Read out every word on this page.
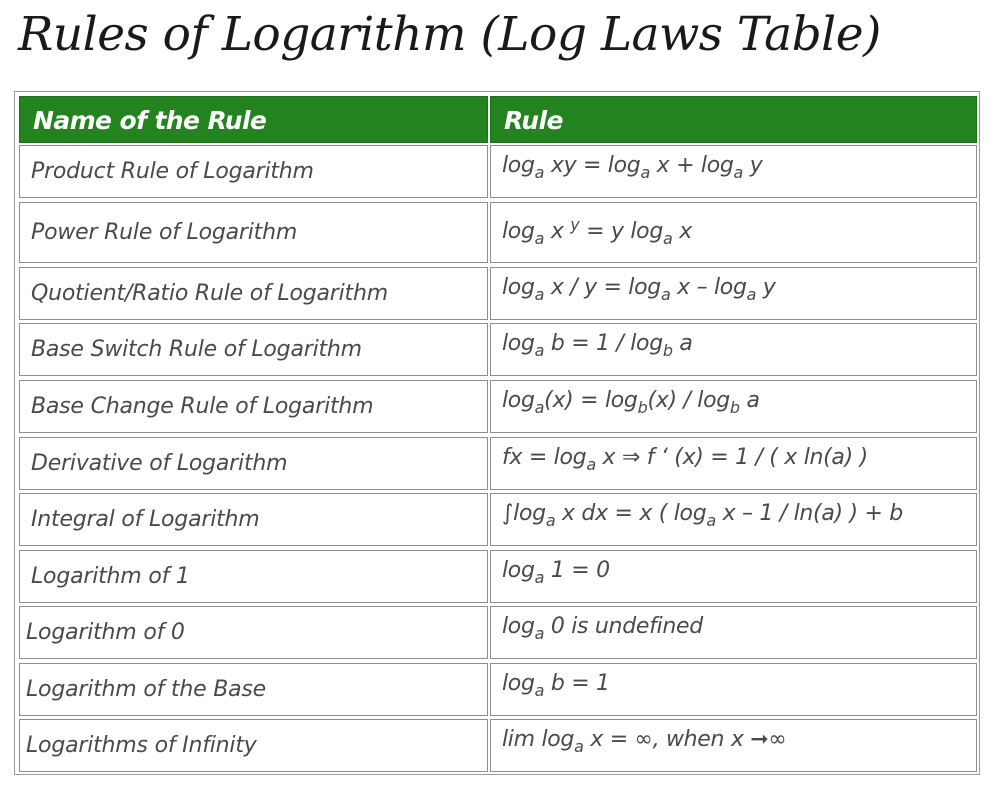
Rules of Logarithm (Log Laws Table)
Name of the Rule	Rule
Product Rule of Logarithm	$\log_a$ xy = $\log_a x + \log_a y$
Power Rule of Logarithm	$\log_a x$ $^y$ = y $\log_a x$
Quotient/Ratio Rule of Logarithm	$\log_a x / y = \log_a x - \log_a y$
Base Switch Rule of Logarithm	$\log_a b = 1 / \log_b a$
Base Change Rule of Logarithm	$\log_a(x) = \log_b(x) / \log_b a$
Derivative of Logarithm	fx = $\log_a x$ ⇒ f ‘ (x) = 1 / ( x ln(a) )
Integral of Logarithm	$\int\log_a$ x dx = x ( $\log_a x - 1 / \ln(a)$ ) + b
Logarithm of 1	$\log_a 1 = 0$
Logarithm of 0	$\log_a 0$ is undefined
Logarithm of the Base	$\log_a b = 1$
Logarithms of Infinity	$\lim \log_a x$ = ∞, when x ➞∞
